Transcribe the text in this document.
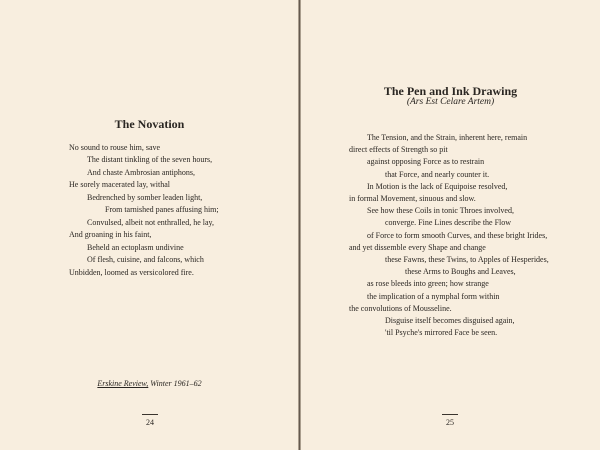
The Novation
No sound to rouse him, save
The distant tinkling of the seven hours,
And chaste Ambrosian antiphons,
He sorely macerated lay, withal
Bedrenched by somber leaden light,
From tarnished panes affusing him;
Convulsed, albeit not enthralled, he lay,
And groaning in his faint,
Beheld an ectoplasm undivine
Of flesh, cuisine, and falcons, which
Unbidden, loomed as versicolored fire.
Erskine Review, Winter 1961–62
24
The Pen and Ink Drawing
(Ars Est Celare Artem)
The Tension, and the Strain, inherent here, remain
direct effects of Strength so pit
against opposing Force as to restrain
that Force, and nearly counter it.
In Motion is the lack of Equipoise resolved,
in formal Movement, sinuous and slow.
See how these Coils in tonic Throes involved,
converge. Fine Lines describe the Flow
of Force to form smooth Curves, and these bright Irides,
and yet dissemble every Shape and change
these Fawns, these Twins, to Apples of Hesperides,
these Arms to Boughs and Leaves,
as rose bleeds into green; how strange
the implication of a nymphal form within
the convolutions of Mousseline.
Disguise itself becomes disguised again,
'til Psyche's mirrored Face be seen.
25
